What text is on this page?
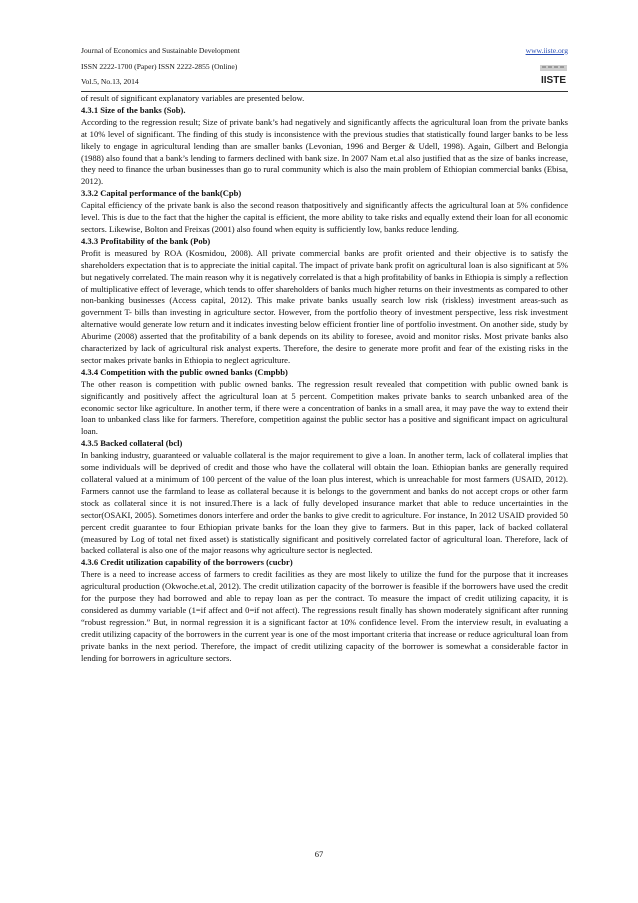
Journal of Economics and Sustainable Development
ISSN 2222-1700 (Paper) ISSN 2222-2855 (Online)
Vol.5, No.13, 2014
www.iiste.org
IISTE

of result of significant explanatory variables are presented below.

4.3.1 Size of the banks (Sob).

According to the regression result; Size of private bank’s had negatively and significantly affects the agricultural loan from the private banks at 10% level of significant. The finding of this study is inconsistence with the previous studies that statistically found larger banks to be less likely to engage in agricultural lending than are smaller banks (Levonian, 1996 and Berger & Udell, 1998). Again, Gilbert and Belongia (1988) also found that a bank’s lending to farmers declined with bank size. In 2007 Nam et.al also justified that as the size of banks increase, they need to finance the urban businesses than go to rural community which is also the main problem of Ethiopian commercial banks (Ebisa, 2012).

3.3.2 Capital performance of the bank(Cpb)

Capital efficiency of the private bank is also the second reason thatpositively and significantly affects the agricultural loan at 5% confidence level. This is due to the fact that the higher the capital is efficient, the more ability to take risks and equally extend their loan for all economic sectors. Likewise, Bolton and Freixas (2001) also found when equity is sufficiently low, banks reduce lending.

4.3.3 Profitability of the bank (Pob)

Profit is measured by ROA (Kosmidou, 2008). All private commercial banks are profit oriented and their objective is to satisfy the shareholders expectation that is to appreciate the initial capital. The impact of private bank profit on agricultural loan is also significant at 5% but negatively correlated. The main reason why it is negatively correlated is that a high profitability of banks in Ethiopia is simply a reflection of multiplicative effect of leverage, which tends to offer shareholders of banks much higher returns on their investments as compared to other non-banking businesses (Access capital, 2012). This make private banks usually search low risk (riskless) investment areas-such as government T- bills than investing in agriculture sector. However, from the portfolio theory of investment perspective, less risk investment alternative would generate low return and it indicates investing below efficient frontier line of portfolio investment. On another side, study by Aburime (2008) asserted that the profitability of a bank depends on its ability to foresee, avoid and monitor risks. Most private banks also characterized by lack of agricultural risk analyst experts. Therefore, the desire to generate more profit and fear of the existing risks in the sector makes private banks in Ethiopia to neglect agriculture.

4.3.4 Competition with the public owned banks (Cmpbb)

The other reason is competition with public owned banks. The regression result revealed that competition with public owned bank is significantly and positively affect the agricultural loan at 5 percent. Competition makes private banks to search unbanked area of the economic sector like agriculture. In another term, if there were a concentration of banks in a small area, it may pave the way to extend their loan to unbanked class like for farmers. Therefore, competition against the public sector has a positive and significant impact on agricultural loan.

4.3.5 Backed collateral (bcl)

In banking industry, guaranteed or valuable collateral is the major requirement to give a loan. In another term, lack of collateral implies that some individuals will be deprived of credit and those who have the collateral will obtain the loan. Ethiopian banks are generally required collateral valued at a minimum of 100 percent of the value of the loan plus interest, which is unreachable for most farmers (USAID, 2012). Farmers cannot use the farmland to lease as collateral because it is belongs to the government and banks do not accept crops or other farm stock as collateral since it is not insured.There is a lack of fully developed insurance market that able to reduce uncertainties in the sector(OSAKI, 2005). Sometimes donors interfere and order the banks to give credit to agriculture. For instance, In 2012 USAID provided 50 percent credit guarantee to four Ethiopian private banks for the loan they give to farmers. But in this paper, lack of backed collateral (measured by Log of total net fixed asset) is statistically significant and positively correlated factor of agricultural loan. Therefore, lack of backed collateral is also one of the major reasons why agriculture sector is neglected.

4.3.6 Credit utilization capability of the borrowers (cucbr)

There is a need to increase access of farmers to credit facilities as they are most likely to utilize the fund for the purpose that it increases agricultural production (Okwoche.et.al, 2012). The credit utilization capacity of the borrower is feasible if the borrowers have used the credit for the purpose they had borrowed and able to repay loan as per the contract. To measure the impact of credit utilizing capacity, it is considered as dummy variable (1=if affect and 0=if not affect). The regressions result finally has shown moderately significant after running “robust regression.” But, in normal regression it is a significant factor at 10% confidence level. From the interview result, in evaluating a credit utilizing capacity of the borrowers in the current year is one of the most important criteria that increase or reduce agricultural loan from private banks in the next period. Therefore, the impact of credit utilizing capacity of the borrower is somewhat a considerable factor in lending for borrowers in agriculture sectors.

67
